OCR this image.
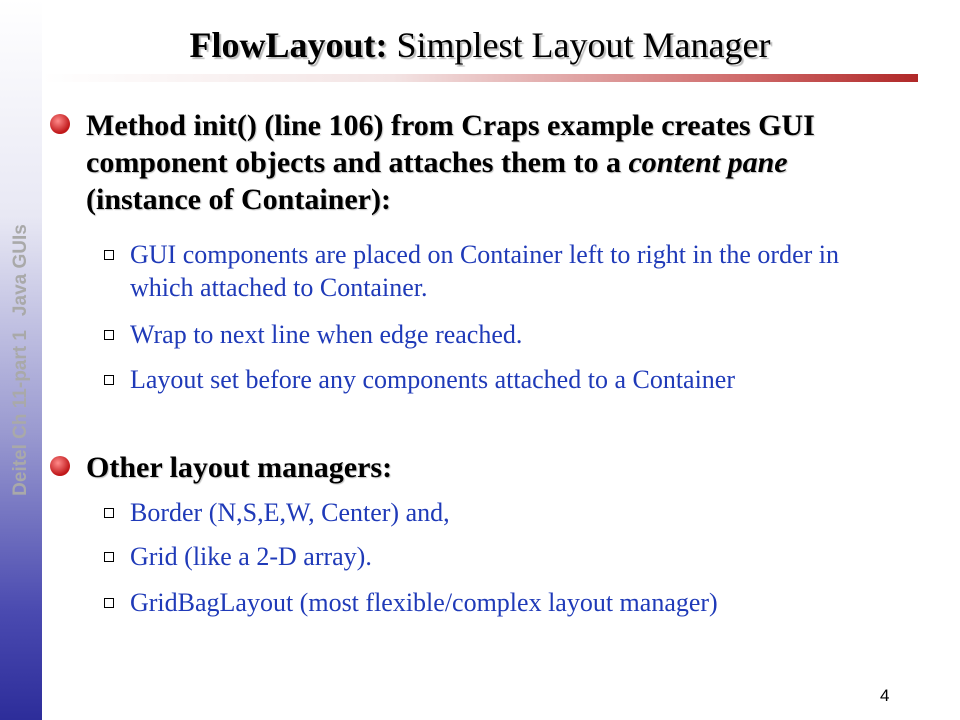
Deitel Ch 11-part 1Java GUIs
FlowLayout: Simplest Layout Manager
Method init() (line 106) from Craps example creates GUI component objects and attaches them to a content pane (instance of Container):
GUI components are placed on Container left to right in the order in which attached to Container.
Wrap to next line when edge reached.
Layout set before any components attached to a Container
Other layout managers:
Border (N,S,E,W, Center) and,
Grid (like a 2-D array).
GridBagLayout (most flexible/complex layout manager)
4
